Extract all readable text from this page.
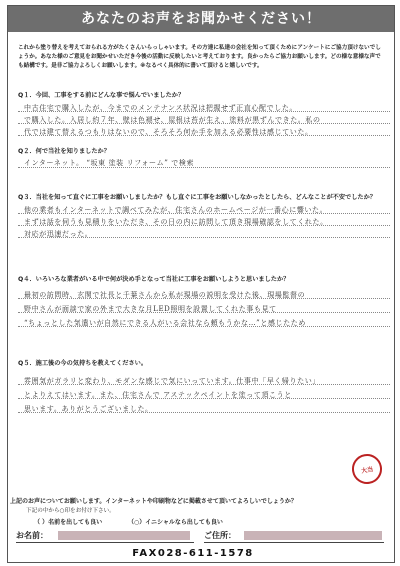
あなたのお声をお聞かせください！
これから塗り替えを考えておられる方がたくさんいらっしゃいます。その方達に私達の会社を知って頂くためにアンケートにご協力頂けないでしょうか。あなた様のご意見をお聞かせいただき今後の活動に反映したいと考えております。良かったらご協力お願いします。どの様な意様な声でも結構です。是非ご協力よろしくお願いします。※なるべく具体的に書いて頂けると嬉しいです。
Q１．今回、工事をする前にどんな事で悩んでいましたか？
中古住宅で購入したが、今までのメンテナンス状況は把握せず正直心配でした。
で購入した。入居し約７年、壁は色褪せ、屋根は苔が生え、塗料が黒ずんできた。私の
代では建て替えるつもりはないので、そろそろ何か手を加える必要性は感じていた。
Q２．何で当社を知りましたか？
インターネット。 “坂東 塗装 リフォーム” で検索
Q３．当社を知って直ぐに工事をお願いしましたか？もし直ぐに工事をお願いしなかったとしたら、どんなことが不安でしたか？
他の業者もインターネットで調べてみたが、住宅さんのホームページが一番心に響いた。
まずは話を伺うも見積りをいただき、その日の内に訪問して頂き現場確認をしてくれた。
対応が迅速だった。
Q４．いろいろな業者がいる中で何が決め手となって当社に工事をお願いしようと思いましたか？
最初の訪問時、玄関で社長と千葉さんから私が現場の説明を受けた後、現場監督の
野中さんが面談で家の外まで大きな月LED照明を設置してくれた事も見て
“ちょっとした気遣いが自然にできる人がいる会社なら頼もうかな…”と感じたため
Q５．施工後の今の気持ちを教えてください。
雰囲気がガラリと変わり、モダンな感じで気にいっています。仕事中「早く帰りたい」
とよりえてはいます。また、住宅さんで アステックペイントを塗って頂こうと
思います。ありがとうございました。
大当
上記のお声についてお願いします。インターネットや印刷物などに掲載させて頂いてよろしいでしょうか？
下記の中から○印をお付け下さい。
（ ）名前を出しても良い	（○）イニシャルなら出しても良い
お名前：	ご住所：
FAX028-611-1578
